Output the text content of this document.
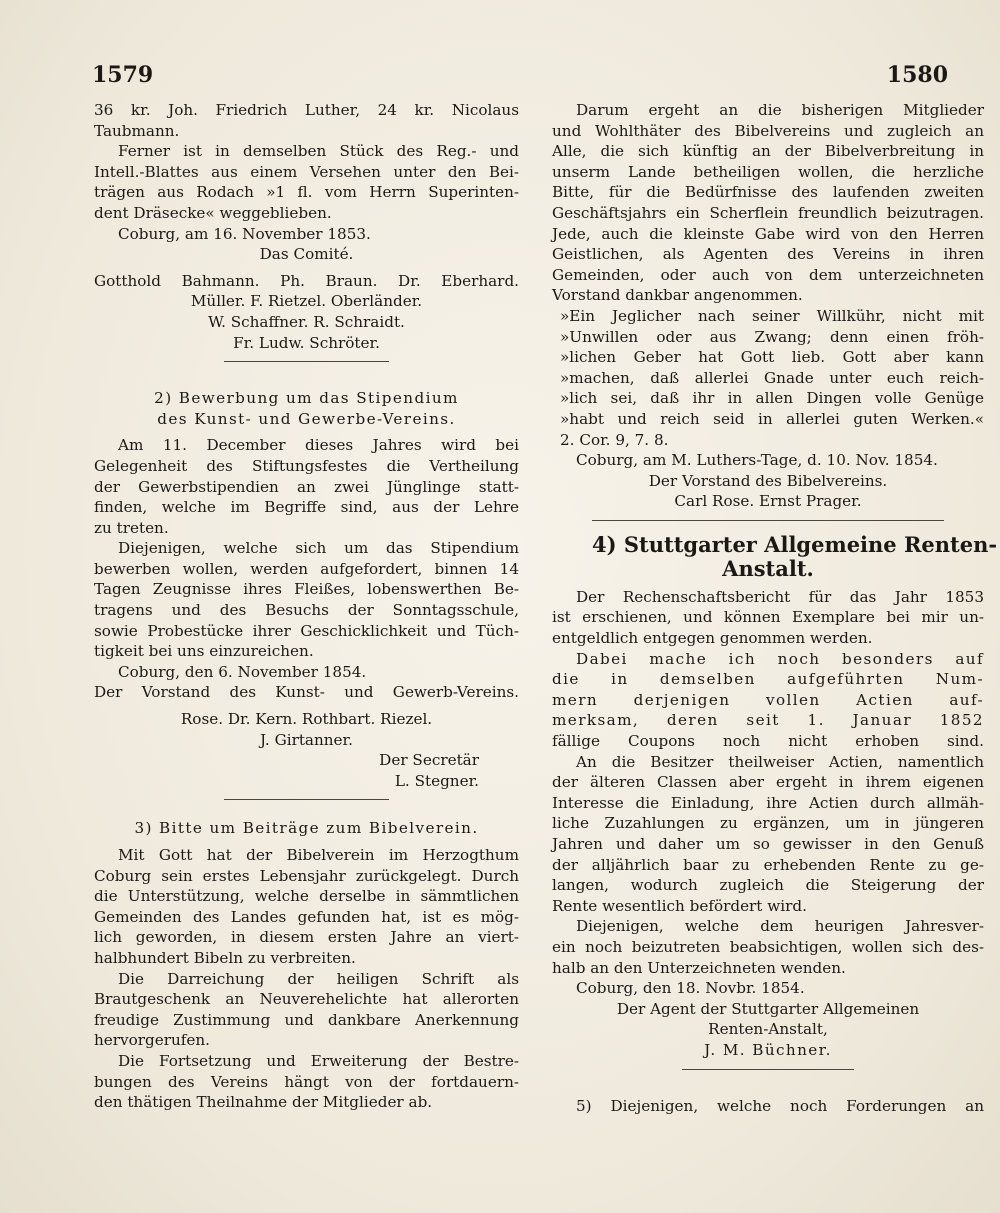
1579	1580
36 kr. Joh. Friedrich Luther, 24 kr. Nicolaus
Taubmann.
Ferner ist in demselben Stück des Reg.- und
Intell.-Blattes aus einem Versehen unter den Bei-
trägen aus Rodach »1 fl. vom Herrn Superinten-
dent Dräsecke« weggeblieben.
Coburg, am 16. November 1853.
Das Comité.
Gotthold Bahmann. Ph. Braun. Dr. Eberhard.
Müller. F. Rietzel. Oberländer.
W. Schaffner. R. Schraidt.
Fr. Ludw. Schröter.
2) Bewerbung um das Stipendium
des Kunst- und Gewerbe-Vereins.
Am 11. December dieses Jahres wird bei
Gelegenheit des Stiftungsfestes die Vertheilung
der Gewerbstipendien an zwei Jünglinge statt-
finden, welche im Begriffe sind, aus der Lehre
zu treten.
Diejenigen, welche sich um das Stipendium
bewerben wollen, werden aufgefordert, binnen 14
Tagen Zeugnisse ihres Fleißes, lobenswerthen Be-
tragens und des Besuchs der Sonntagsschule,
sowie Probestücke ihrer Geschicklichkeit und Tüch-
tigkeit bei uns einzureichen.
Coburg, den 6. November 1854.
Der Vorstand des Kunst- und Gewerb-Vereins.
Rose. Dr. Kern. Rothbart. Riezel.
J. Girtanner.
Der Secretär
L. Stegner.
3) Bitte um Beiträge zum Bibelverein.
Mit Gott hat der Bibelverein im Herzogthum
Coburg sein erstes Lebensjahr zurückgelegt. Durch
die Unterstützung, welche derselbe in sämmtlichen
Gemeinden des Landes gefunden hat, ist es mög-
lich geworden, in diesem ersten Jahre an viert-
halbhundert Bibeln zu verbreiten.
Die Darreichung der heiligen Schrift als
Brautgeschenk an Neuverehelichte hat allerorten
freudige Zustimmung und dankbare Anerkennung
hervorgerufen.
Die Fortsetzung und Erweiterung der Bestre-
bungen des Vereins hängt von der fortdauern-
den thätigen Theilnahme der Mitglieder ab.
Darum ergeht an die bisherigen Mitglieder
und Wohlthäter des Bibelvereins und zugleich an
Alle, die sich künftig an der Bibelverbreitung in
unserm Lande betheiligen wollen, die herzliche
Bitte, für die Bedürfnisse des laufenden zweiten
Geschäftsjahrs ein Scherflein freundlich beizutragen.
Jede, auch die kleinste Gabe wird von den Herren
Geistlichen, als Agenten des Vereins in ihren
Gemeinden, oder auch von dem unterzeichneten
Vorstand dankbar angenommen.
»Ein Jeglicher nach seiner Willkühr, nicht mit
»Unwillen oder aus Zwang; denn einen fröh-
»lichen Geber hat Gott lieb. Gott aber kann
»machen, daß allerlei Gnade unter euch reich-
»lich sei, daß ihr in allen Dingen volle Genüge
»habt und reich seid in allerlei guten Werken.«
2. Cor. 9, 7. 8.
Coburg, am M. Luthers-Tage, d. 10. Nov. 1854.
Der Vorstand des Bibelvereins.
Carl Rose. Ernst Prager.
4) Stuttgarter Allgemeine Renten-
Anstalt.
Der Rechenschaftsbericht für das Jahr 1853
ist erschienen, und können Exemplare bei mir un-
entgeldlich entgegen genommen werden.
Dabei mache ich noch besonders auf
die in demselben aufgeführten Num-
mern derjenigen vollen Actien auf-
merksam, deren seit 1. Januar 1852
fällige Coupons noch nicht erhoben sind.
An die Besitzer theilweiser Actien, namentlich
der älteren Classen aber ergeht in ihrem eigenen
Interesse die Einladung, ihre Actien durch allmäh-
liche Zuzahlungen zu ergänzen, um in jüngeren
Jahren und daher um so gewisser in den Genuß
der alljährlich baar zu erhebenden Rente zu ge-
langen, wodurch zugleich die Steigerung der
Rente wesentlich befördert wird.
Diejenigen, welche dem heurigen Jahresver-
ein noch beizutreten beabsichtigen, wollen sich des-
halb an den Unterzeichneten wenden.
Coburg, den 18. Novbr. 1854.
Der Agent der Stuttgarter Allgemeinen
Renten-Anstalt,
J. M. Büchner.
5) Diejenigen, welche noch Forderungen an
